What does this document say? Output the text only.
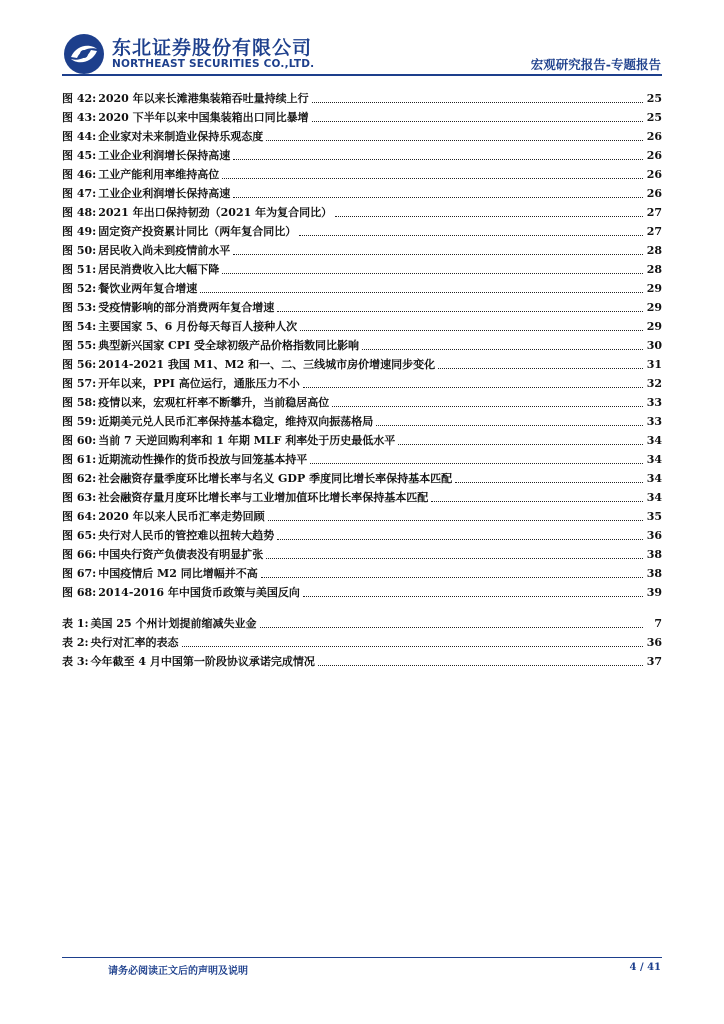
东北证券股份有限公司
NORTHEAST SECURITIES CO.,LTD.	宏观研究报告-专题报告
图 42: 2020 年以来长滩港集装箱吞吐量持续上行	25
图 43: 2020 下半年以来中国集装箱出口同比暴增	25
图 44: 企业家对未来制造业保持乐观态度	26
图 45: 工业企业利润增长保持高速	26
图 46: 工业产能利用率维持高位	26
图 47: 工业企业利润增长保持高速	26
图 48: 2021 年出口保持韧劲（2021 年为复合同比）	27
图 49: 固定资产投资累计同比（两年复合同比）	27
图 50: 居民收入尚未到疫情前水平	28
图 51: 居民消费收入比大幅下降	28
图 52: 餐饮业两年复合增速	29
图 53: 受疫情影响的部分消费两年复合增速	29
图 54: 主要国家 5、6 月份每天每百人接种人次	29
图 55: 典型新兴国家 CPI 受全球初级产品价格指数同比影响	30
图 56: 2014-2021 我国 M1、M2 和一、二、三线城市房价增速同步变化	31
图 57: 开年以来，PPI 高位运行，通胀压力不小	32
图 58: 疫情以来，宏观杠杆率不断攀升，当前稳居高位	33
图 59: 近期美元兑人民币汇率保持基本稳定，维持双向振荡格局	33
图 60: 当前 7 天逆回购利率和 1 年期 MLF 利率处于历史最低水平	34
图 61: 近期流动性操作的货币投放与回笼基本持平	34
图 62: 社会融资存量季度环比增长率与名义 GDP 季度同比增长率保持基本匹配	34
图 63: 社会融资存量月度环比增长率与工业增加值环比增长率保持基本匹配	34
图 64: 2020 年以来人民币汇率走势回顾	35
图 65: 央行对人民币的管控难以扭转大趋势	36
图 66: 中国央行资产负债表没有明显扩张	38
图 67: 中国疫情后 M2 同比增幅并不高	38
图 68: 2014-2016 年中国货币政策与美国反向	39
表 1: 美国 25 个州计划提前缩减失业金	7
表 2: 央行对汇率的表态	36
表 3: 今年截至 4 月中国第一阶段协议承诺完成情况	37
请务必阅读正文后的声明及说明	4 / 41
